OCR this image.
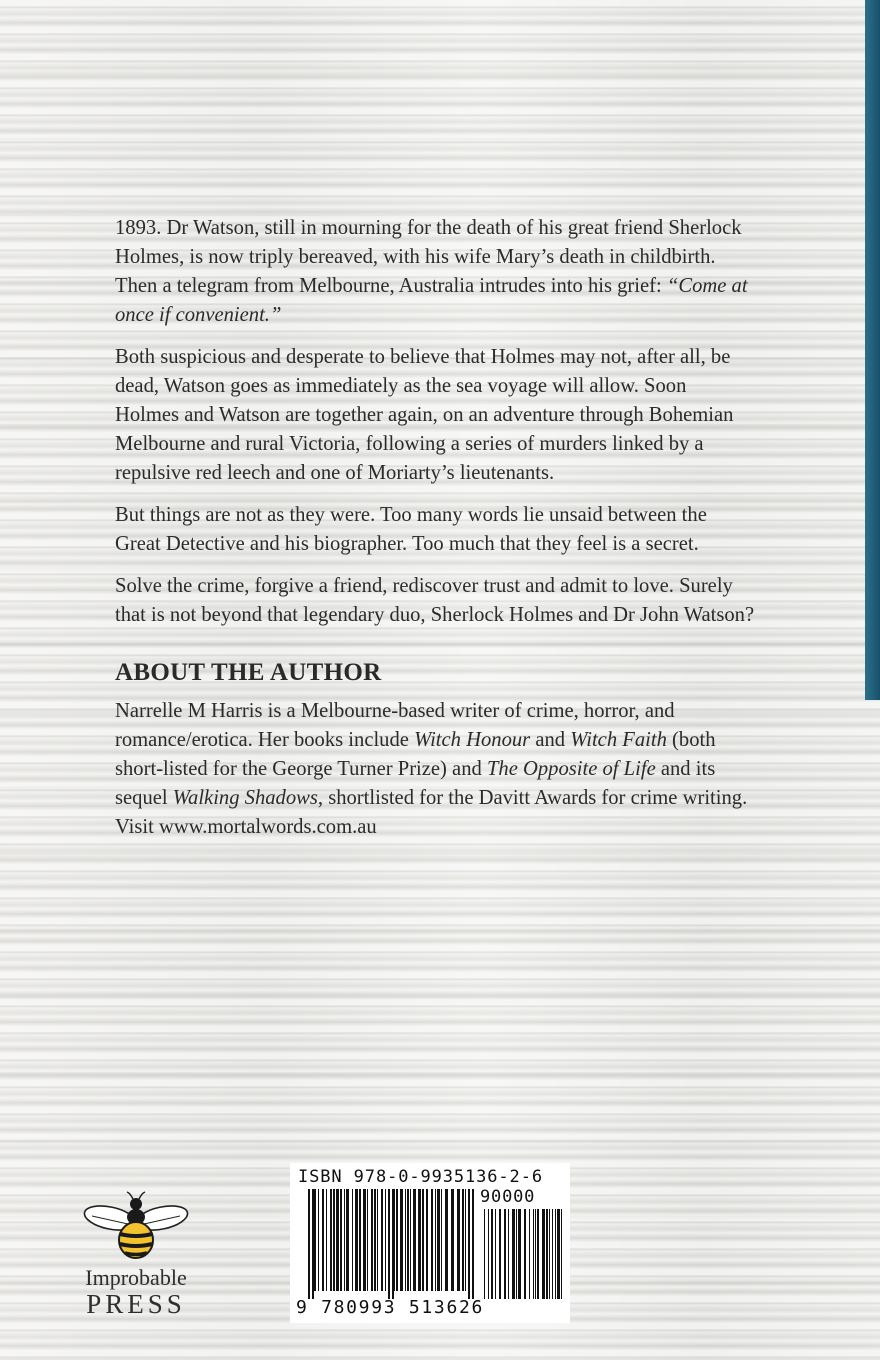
1893. Dr Watson, still in mourning for the death of his great friend Sherlock Holmes, is now triply bereaved, with his wife Mary’s death in childbirth. Then a telegram from Melbourne, Australia intrudes into his grief: “Come at once if convenient.”

Both suspicious and desperate to believe that Holmes may not, after all, be dead, Watson goes as immediately as the sea voyage will allow. Soon Holmes and Watson are together again, on an adventure through Bohemian Melbourne and rural Victoria, following a series of murders linked by a repulsive red leech and one of Moriarty’s lieutenants.

But things are not as they were. Too many words lie unsaid between the Great Detective and his biographer. Too much that they feel is a secret.

Solve the crime, forgive a friend, rediscover trust and admit to love. Surely that is not beyond that legendary duo, Sherlock Holmes and Dr John Watson?

ABOUT THE AUTHOR

Narrelle M Harris is a Melbourne-based writer of crime, horror, and romance/erotica. Her books include Witch Honour and Witch Faith (both short-listed for the George Turner Prize) and The Opposite of Life and its sequel Walking Shadows, shortlisted for the Davitt Awards for crime writing. Visit www.mortalwords.com.au

Improbable
PRESS
ISBN 978-0-9935136-2-6
90000
9 780993 513626
